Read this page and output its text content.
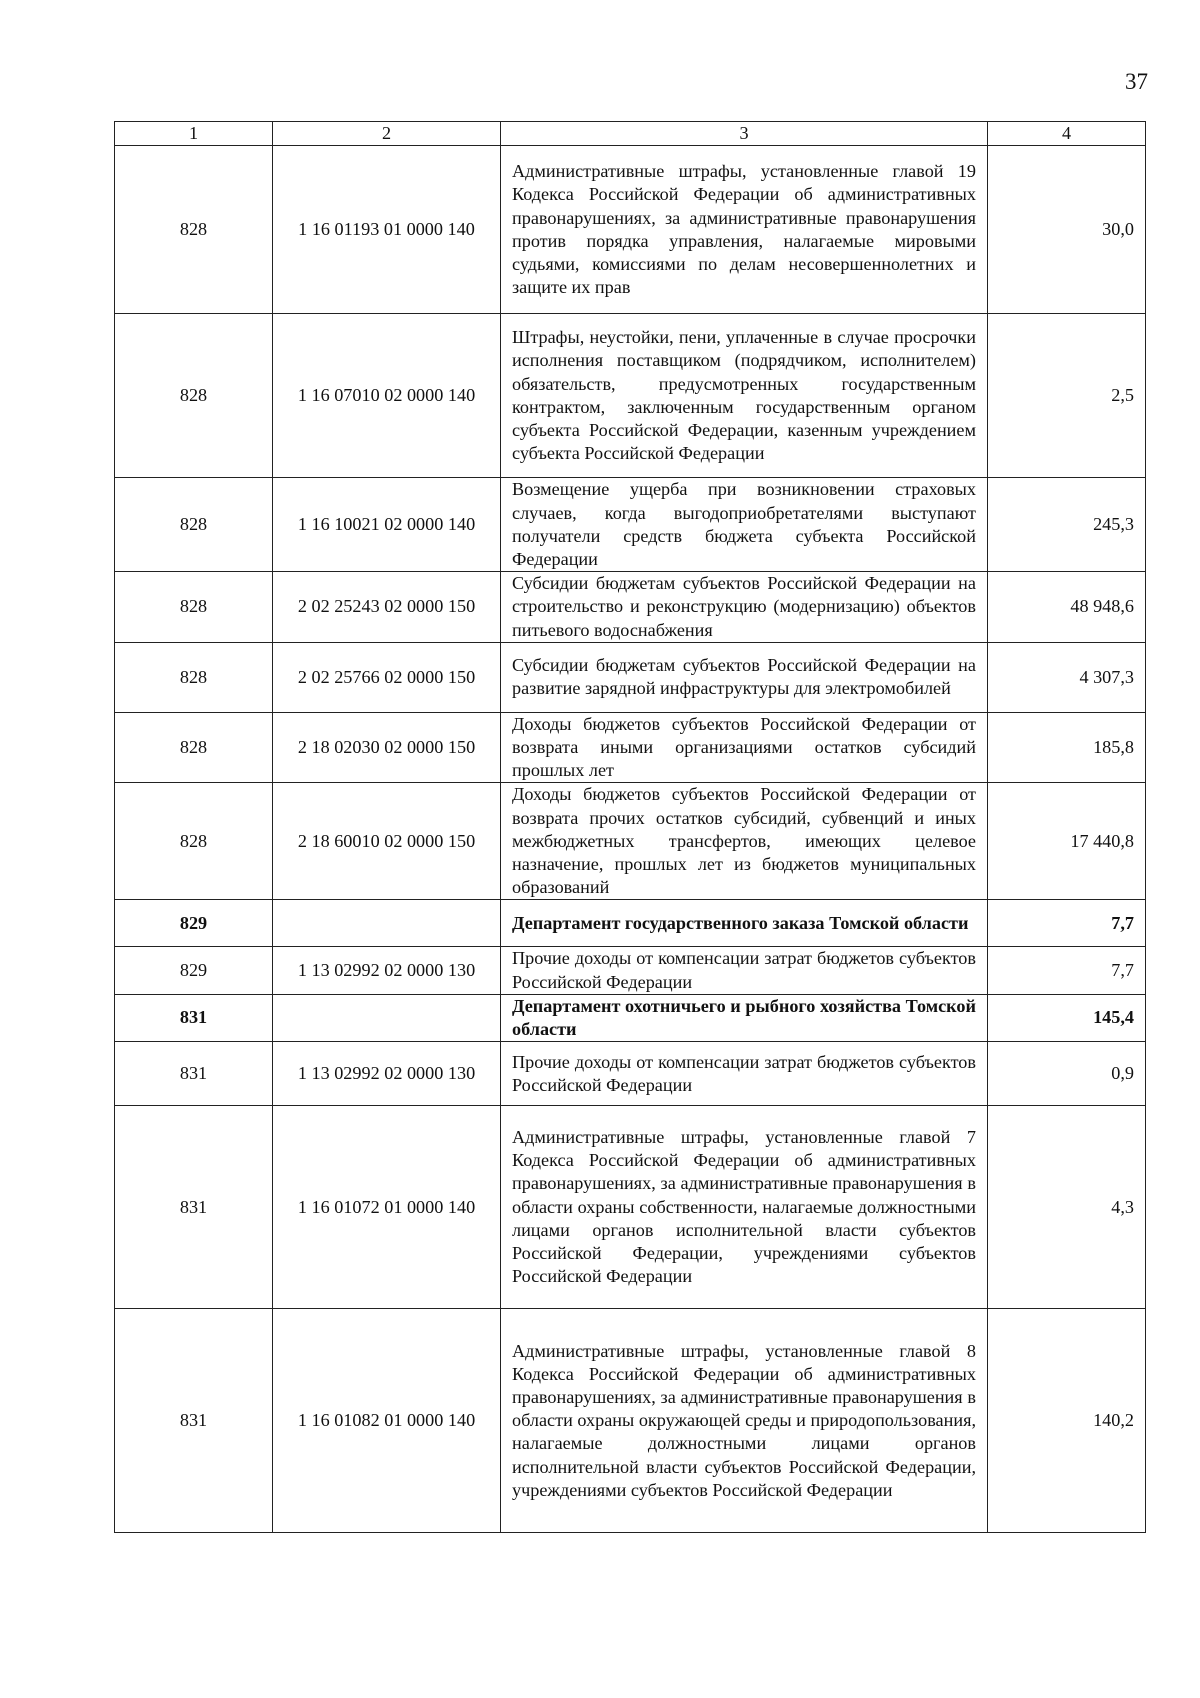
37
1	2	3	4
828	1 16 01193 01 0000 140	Административные штрафы, установленные главой 19 Кодекса Российской Федерации об административных правонарушениях, за административные правонарушения против порядка управления, налагаемые мировыми судьями, комиссиями по делам несовершеннолетних и защите их прав	30,0
828	1 16 07010 02 0000 140	Штрафы, неустойки, пени, уплаченные в случае просрочки исполнения поставщиком (подрядчиком, исполнителем) обязательств, предусмотренных государственным контрактом, заключенным государственным органом субъекта Российской Федерации, казенным учреждением субъекта Российской Федерации	2,5
828	1 16 10021 02 0000 140	Возмещение ущерба при возникновении страховых случаев, когда выгодоприобретателями выступают получатели средств бюджета субъекта Российской Федерации	245,3
828	2 02 25243 02 0000 150	Субсидии бюджетам субъектов Российской Федерации на строительство и реконструкцию (модернизацию) объектов питьевого водоснабжения	48 948,6
828	2 02 25766 02 0000 150	Субсидии бюджетам субъектов Российской Федерации на развитие зарядной инфраструктуры для электромобилей	4 307,3
828	2 18 02030 02 0000 150	Доходы бюджетов субъектов Российской Федерации от возврата иными организациями остатков субсидий прошлых лет	185,8
828	2 18 60010 02 0000 150	Доходы бюджетов субъектов Российской Федерации от возврата прочих остатков субсидий, субвенций и иных межбюджетных трансфертов, имеющих целевое назначение, прошлых лет из бюджетов муниципальных образований	17 440,8
829		Департамент государственного заказа Томской области	7,7
829	1 13 02992 02 0000 130	Прочие доходы от компенсации затрат бюджетов субъектов Российской Федерации	7,7
831		Департамент охотничьего и рыбного хозяйства Томской области	145,4
831	1 13 02992 02 0000 130	Прочие доходы от компенсации затрат бюджетов субъектов Российской Федерации	0,9
831	1 16 01072 01 0000 140	Административные штрафы, установленные главой 7 Кодекса Российской Федерации об административных правонарушениях, за административные правонарушения в области охраны собственности, налагаемые должностными лицами органов исполнительной власти субъектов Российской Федерации, учреждениями субъектов Российской Федерации	4,3
831	1 16 01082 01 0000 140	Административные штрафы, установленные главой 8 Кодекса Российской Федерации об административных правонарушениях, за административные правонарушения в области охраны окружающей среды и природопользования, налагаемые должностными лицами органов исполнительной власти субъектов Российской Федерации, учреждениями субъектов Российской Федерации	140,2
